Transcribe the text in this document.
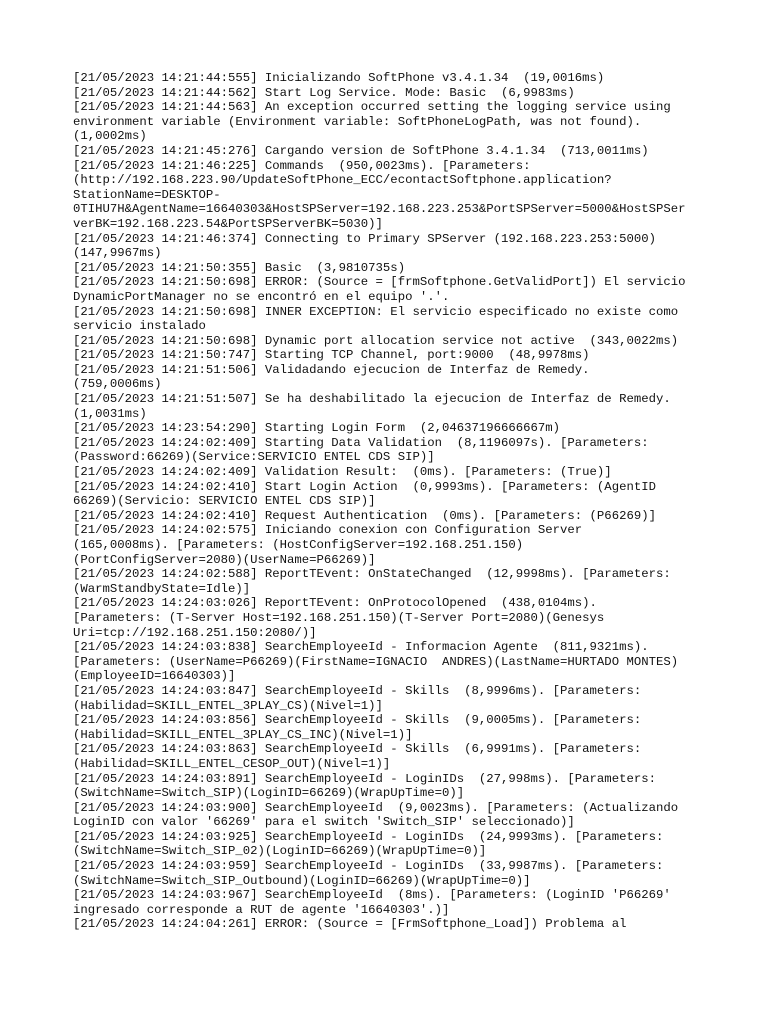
[21/05/2023 14:21:44:555] Inicializando SoftPhone v3.4.1.34  (19,0016ms)
[21/05/2023 14:21:44:562] Start Log Service. Mode: Basic  (6,9983ms)
[21/05/2023 14:21:44:563] An exception occurred setting the logging service using
environment variable (Environment variable: SoftPhoneLogPath, was not found).
(1,0002ms)
[21/05/2023 14:21:45:276] Cargando version de SoftPhone 3.4.1.34  (713,0011ms)
[21/05/2023 14:21:46:225] Commands  (950,0023ms). [Parameters:
(http://192.168.223.90/UpdateSoftPhone_ECC/econtactSoftphone.application?
StationName=DESKTOP-
0TIHU7H&AgentName=16640303&HostSPServer=192.168.223.253&PortSPServer=5000&HostSPSer
verBK=192.168.223.54&PortSPServerBK=5030)]
[21/05/2023 14:21:46:374] Connecting to Primary SPServer (192.168.223.253:5000)
(147,9967ms)
[21/05/2023 14:21:50:355] Basic  (3,9810735s)
[21/05/2023 14:21:50:698] ERROR: (Source = [frmSoftphone.GetValidPort]) El servicio
DynamicPortManager no se encontró en el equipo '.'.
[21/05/2023 14:21:50:698] INNER EXCEPTION: El servicio especificado no existe como
servicio instalado
[21/05/2023 14:21:50:698] Dynamic port allocation service not active  (343,0022ms)
[21/05/2023 14:21:50:747] Starting TCP Channel, port:9000  (48,9978ms)
[21/05/2023 14:21:51:506] Validadando ejecucion de Interfaz de Remedy.
(759,0006ms)
[21/05/2023 14:21:51:507] Se ha deshabilitado la ejecucion de Interfaz de Remedy.
(1,0031ms)
[21/05/2023 14:23:54:290] Starting Login Form  (2,04637196666667m)
[21/05/2023 14:24:02:409] Starting Data Validation  (8,1196097s). [Parameters:
(Password:66269)(Service:SERVICIO ENTEL CDS SIP)]
[21/05/2023 14:24:02:409] Validation Result:  (0ms). [Parameters: (True)]
[21/05/2023 14:24:02:410] Start Login Action  (0,9993ms). [Parameters: (AgentID
66269)(Servicio: SERVICIO ENTEL CDS SIP)]
[21/05/2023 14:24:02:410] Request Authentication  (0ms). [Parameters: (P66269)]
[21/05/2023 14:24:02:575] Iniciando conexion con Configuration Server
(165,0008ms). [Parameters: (HostConfigServer=192.168.251.150)
(PortConfigServer=2080)(UserName=P66269)]
[21/05/2023 14:24:02:588] ReportTEvent: OnStateChanged  (12,9998ms). [Parameters:
(WarmStandbyState=Idle)]
[21/05/2023 14:24:03:026] ReportTEvent: OnProtocolOpened  (438,0104ms).
[Parameters: (T-Server Host=192.168.251.150)(T-Server Port=2080)(Genesys
Uri=tcp://192.168.251.150:2080/)]
[21/05/2023 14:24:03:838] SearchEmployeeId - Informacion Agente  (811,9321ms).
[Parameters: (UserName=P66269)(FirstName=IGNACIO  ANDRES)(LastName=HURTADO MONTES)
(EmployeeID=16640303)]
[21/05/2023 14:24:03:847] SearchEmployeeId - Skills  (8,9996ms). [Parameters:
(Habilidad=SKILL_ENTEL_3PLAY_CS)(Nivel=1)]
[21/05/2023 14:24:03:856] SearchEmployeeId - Skills  (9,0005ms). [Parameters:
(Habilidad=SKILL_ENTEL_3PLAY_CS_INC)(Nivel=1)]
[21/05/2023 14:24:03:863] SearchEmployeeId - Skills  (6,9991ms). [Parameters:
(Habilidad=SKILL_ENTEL_CESOP_OUT)(Nivel=1)]
[21/05/2023 14:24:03:891] SearchEmployeeId - LoginIDs  (27,998ms). [Parameters:
(SwitchName=Switch_SIP)(LoginID=66269)(WrapUpTime=0)]
[21/05/2023 14:24:03:900] SearchEmployeeId  (9,0023ms). [Parameters: (Actualizando
LoginID con valor '66269' para el switch 'Switch_SIP' seleccionado)]
[21/05/2023 14:24:03:925] SearchEmployeeId - LoginIDs  (24,9993ms). [Parameters:
(SwitchName=Switch_SIP_02)(LoginID=66269)(WrapUpTime=0)]
[21/05/2023 14:24:03:959] SearchEmployeeId - LoginIDs  (33,9987ms). [Parameters:
(SwitchName=Switch_SIP_Outbound)(LoginID=66269)(WrapUpTime=0)]
[21/05/2023 14:24:03:967] SearchEmployeeId  (8ms). [Parameters: (LoginID 'P66269'
ingresado corresponde a RUT de agente '16640303'.)]
[21/05/2023 14:24:04:261] ERROR: (Source = [FrmSoftphone_Load]) Problema al
